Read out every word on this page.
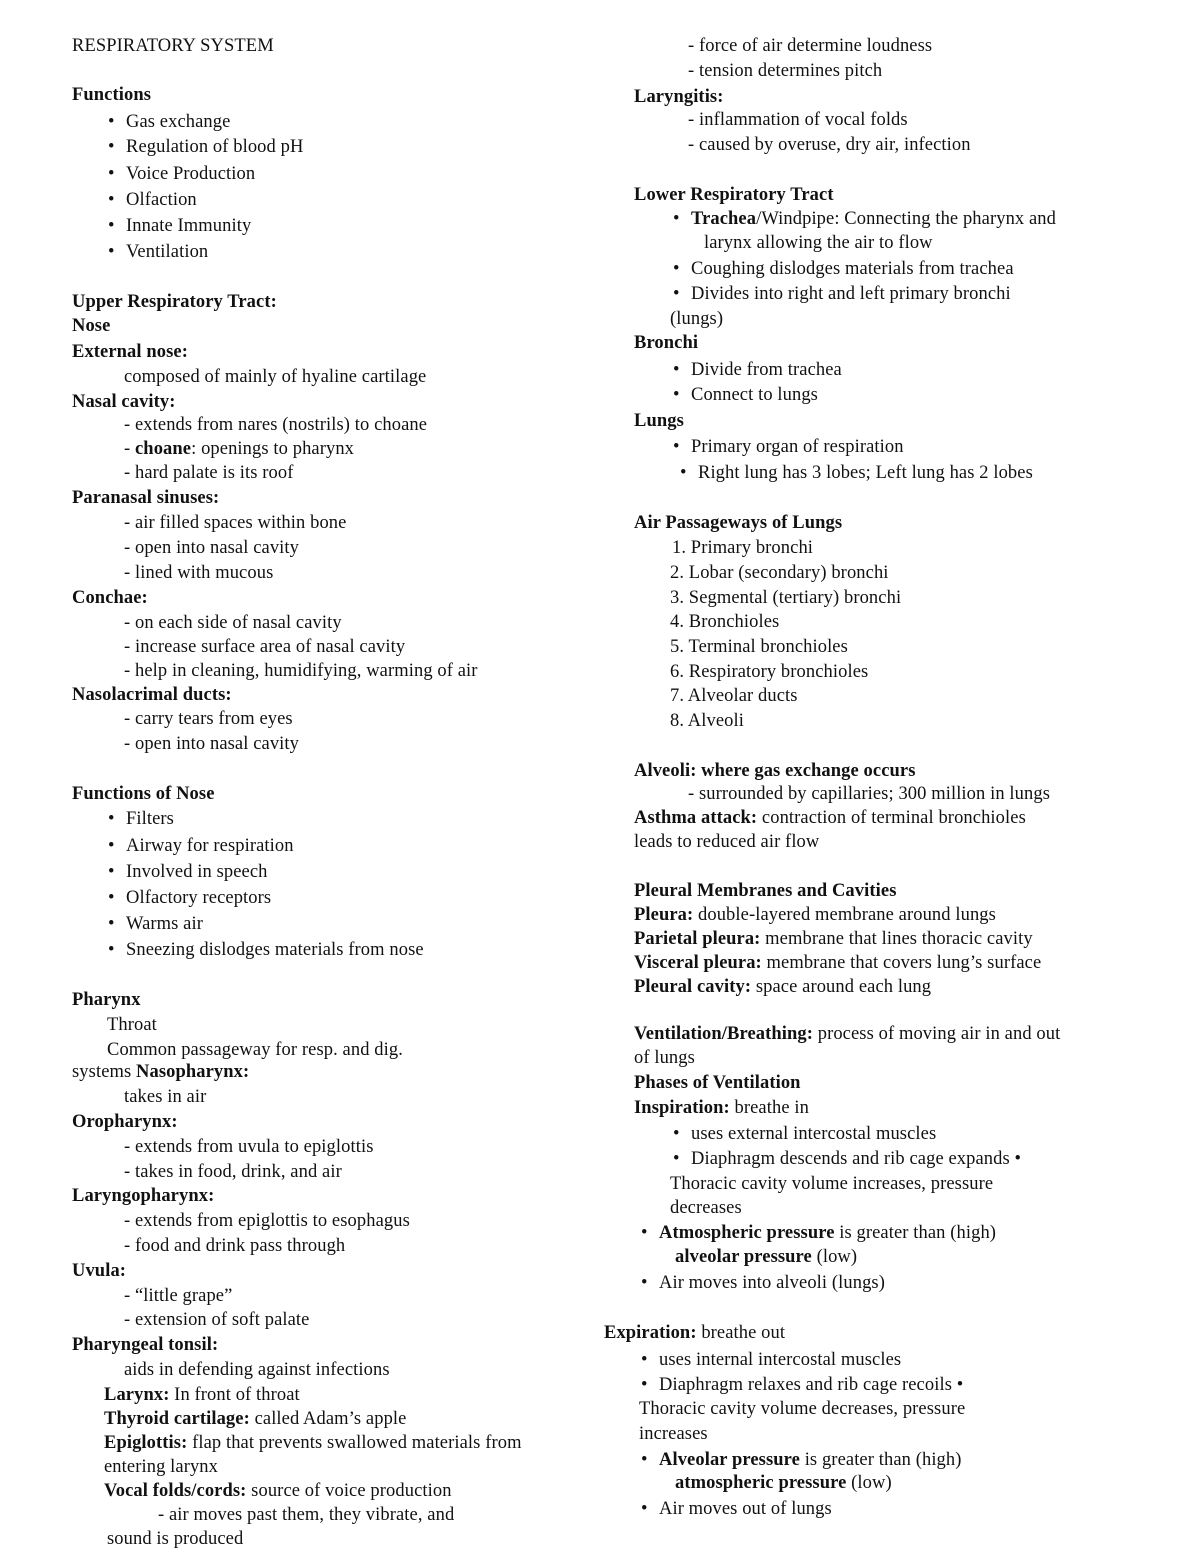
RESPIRATORY SYSTEM
Functions
• Gas exchange
• Regulation of blood pH
• Voice Production
• Olfaction
• Innate Immunity
• Ventilation
Upper Respiratory Tract:
Nose
External nose:
composed of mainly of hyaline cartilage
Nasal cavity:
- extends from nares (nostrils) to choane
- choane: openings to pharynx
- hard palate is its roof
Paranasal sinuses:
- air filled spaces within bone
- open into nasal cavity
- lined with mucous
Conchae:
- on each side of nasal cavity
- increase surface area of nasal cavity
- help in cleaning, humidifying, warming of air
Nasolacrimal ducts:
- carry tears from eyes
- open into nasal cavity
Functions of Nose
• Filters
• Airway for respiration
• Involved in speech
• Olfactory receptors
• Warms air
• Sneezing dislodges materials from nose
Pharynx
Throat
Common passageway for resp. and dig.
systems Nasopharynx:
takes in air
Oropharynx:
- extends from uvula to epiglottis
- takes in food, drink, and air
Laryngopharynx:
- extends from epiglottis to esophagus
- food and drink pass through
Uvula:
- “little grape”
- extension of soft palate
Pharyngeal tonsil:
aids in defending against infections
Larynx: In front of throat
Thyroid cartilage: called Adam’s apple
Epiglottis: flap that prevents swallowed materials from
entering larynx
Vocal folds/cords: source of voice production
- air moves past them, they vibrate, and
sound is produced
- force of air determine loudness
- tension determines pitch
Laryngitis:
- inflammation of vocal folds
- caused by overuse, dry air, infection
Lower Respiratory Tract
• Trachea/Windpipe: Connecting the pharynx and
larynx allowing the air to flow
• Coughing dislodges materials from trachea
• Divides into right and left primary bronchi
(lungs)
Bronchi
• Divide from trachea
• Connect to lungs
Lungs
• Primary organ of respiration
• Right lung has 3 lobes; Left lung has 2 lobes
Air Passageways of Lungs
1. Primary bronchi
2. Lobar (secondary) bronchi
3. Segmental (tertiary) bronchi
4. Bronchioles
5. Terminal bronchioles
6. Respiratory bronchioles
7. Alveolar ducts
8. Alveoli
Alveoli: where gas exchange occurs
- surrounded by capillaries; 300 million in lungs
Asthma attack: contraction of terminal bronchioles
leads to reduced air flow
Pleural Membranes and Cavities
Pleura: double-layered membrane around lungs
Parietal pleura: membrane that lines thoracic cavity
Visceral pleura: membrane that covers lung’s surface
Pleural cavity: space around each lung
Ventilation/Breathing: process of moving air in and out
of lungs
Phases of Ventilation
Inspiration: breathe in
• uses external intercostal muscles
• Diaphragm descends and rib cage expands •
Thoracic cavity volume increases, pressure
decreases
• Atmospheric pressure is greater than (high)
alveolar pressure (low)
• Air moves into alveoli (lungs)
Expiration: breathe out
• uses internal intercostal muscles
• Diaphragm relaxes and rib cage recoils •
Thoracic cavity volume decreases, pressure
increases
• Alveolar pressure is greater than (high)
atmospheric pressure (low)
• Air moves out of lungs
